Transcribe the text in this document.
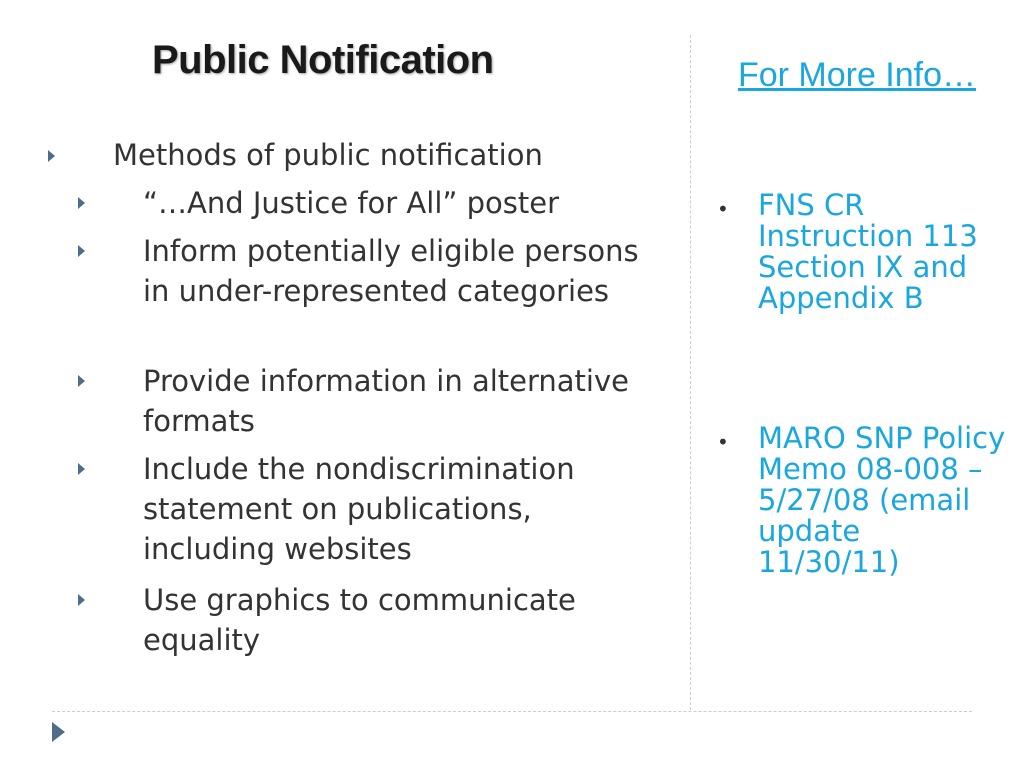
Public Notification
Methods of public notification
“…And Justice for All” poster
Inform potentially eligible persons in under-represented categories
Provide information in alternative formats
Include the nondiscrimination statement on publications, including websites
Use graphics to communicate equality
For More Info…
• FNS CR Instruction 113 Section IX and Appendix B
• MARO SNP Policy Memo 08-008 – 5/27/08 (email update 11/30/11)
